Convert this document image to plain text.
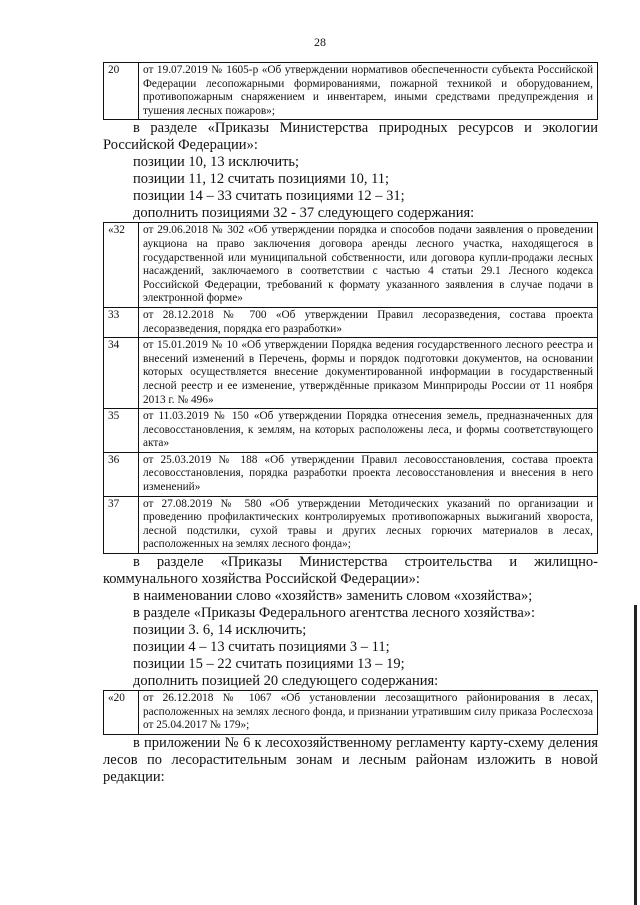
28
20	от 19.07.2019 № 1605-р «Об утверждении нормативов обеспеченности субъекта Российской Федерации лесопожарными формированиями, пожарной техникой и оборудованием, противопожарным снаряжением и инвентарем, иными средствами предупреждения и тушения лесных пожаров»;

в разделе «Приказы Министерства природных ресурсов и экологии Российской Федерации»:

позиции 10, 13 исключить;

позиции 11, 12 считать позициями 10, 11;

позиции 14 – 33 считать позициями 12 – 31;

дополнить позициями 32 - 37 следующего содержания:

«32	от 29.06.2018 № 302 «Об утверждении порядка и способов подачи заявления о проведении аукциона на право заключения договора аренды лесного участка, находящегося в государственной или муниципальной собственности, или договора купли-продажи лесных насаждений, заключаемого в соответствии с частью 4 статьи 29.1 Лесного кодекса Российской Федерации, требований к формату указанного заявления в случае подачи в электронной форме»
33	от 28.12.2018 № 700 «Об утверждении Правил лесоразведения, состава проекта лесоразведения, порядка его разработки»
34	от 15.01.2019 № 10 «Об утверждении Порядка ведения государственного лесного реестра и внесений изменений в Перечень, формы и порядок подготовки документов, на основании которых осуществляется внесение документированной информации в государственный лесной реестр и ее изменение, утверждённые приказом Минприроды России от 11 ноября 2013 г. № 496»
35	от 11.03.2019 № 150 «Об утверждении Порядка отнесения земель, предназначенных для лесовосстановления, к землям, на которых расположены леса, и формы соответствующего акта»
36	от 25.03.2019 № 188 «Об утверждении Правил лесовосстановления, состава проекта лесовосстановления, порядка разработки проекта лесовосстановления и внесения в него изменений»
37	от 27.08.2019 № 580 «Об утверждении Методических указаний по организации и проведению профилактических контролируемых противопожарных выжиганий хвороста, лесной подстилки, сухой травы и других лесных горючих материалов в лесах, расположенных на землях лесного фонда»;

в разделе «Приказы Министерства строительства и жилищно-коммунального хозяйства Российской Федерации»:

в наименовании слово «хозяйств» заменить словом «хозяйства»;

в разделе «Приказы Федерального агентства лесного хозяйства»:

позиции 3. 6, 14 исключить;

позиции 4 – 13 считать позициями 3 – 11;

позиции 15 – 22 считать позициями 13 – 19;

дополнить позицией 20 следующего содержания:

«20	от 26.12.2018 № 1067 «Об установлении лесозащитного районирования в лесах, расположенных на землях лесного фонда, и признании утратившим силу приказа Рослесхоза от 25.04.2017 № 179»;

в приложении № 6 к лесохозяйственному регламенту карту-схему деления лесов по лесорастительным зонам и лесным районам изложить в новой редакции:
